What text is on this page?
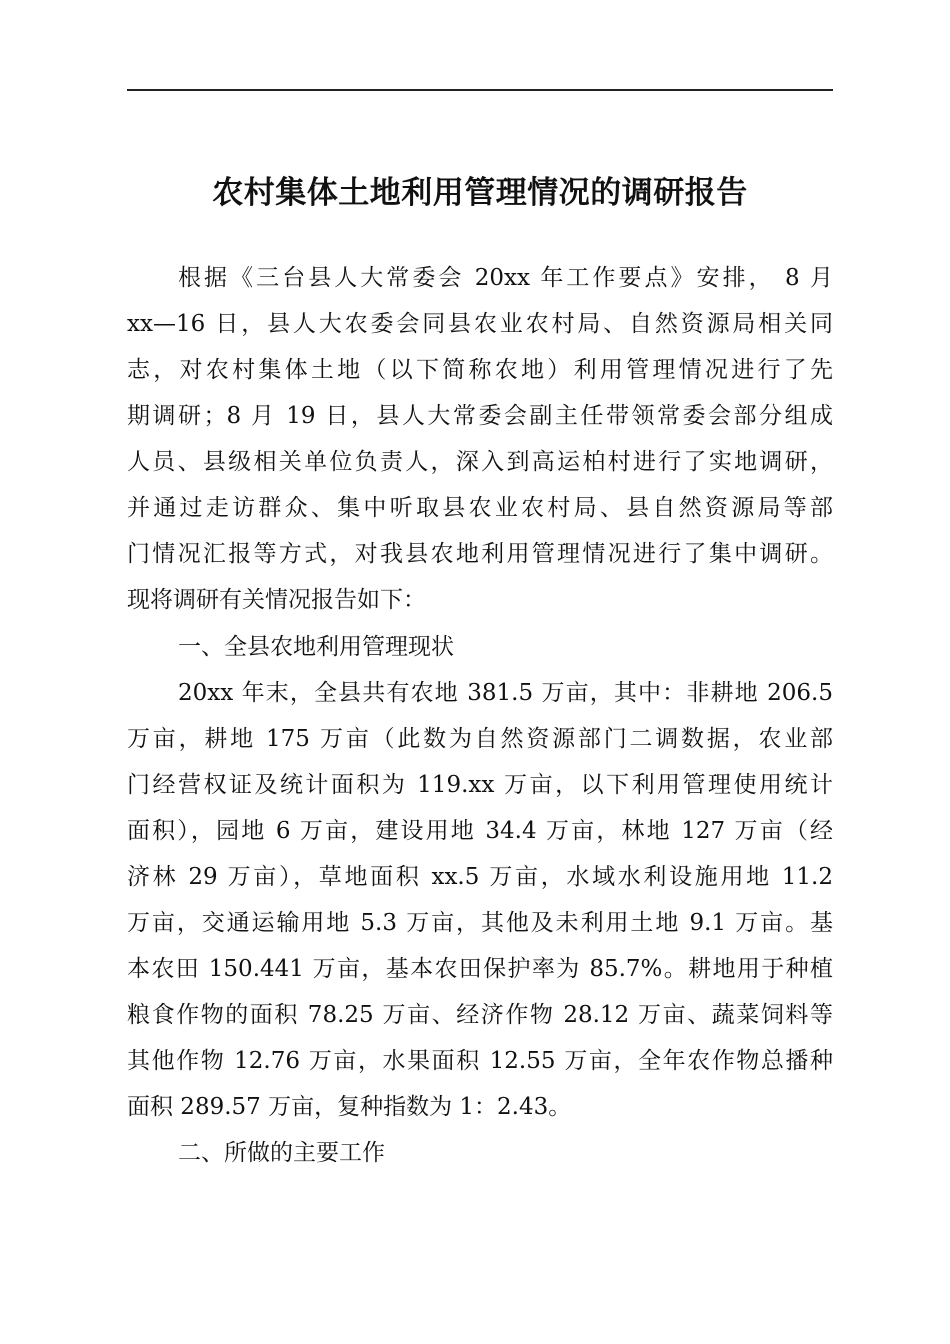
农村集体土地利用管理情况的调研报告
根据《三台县人大常委会 20xx 年工作要点》安排， 8 月
xx—16 日，县人大农委会同县农业农村局、自然资源局相关同
志，对农村集体土地（以下简称农地）利用管理情况进行了先
期调研；8 月 19 日，县人大常委会副主任带领常委会部分组成
人员、县级相关单位负责人，深入到高运柏村进行了实地调研，
并通过走访群众、集中听取县农业农村局、县自然资源局等部
门情况汇报等方式，对我县农地利用管理情况进行了集中调研。
现将调研有关情况报告如下：
一、全县农地利用管理现状
20xx 年末，全县共有农地 381.5 万亩，其中：非耕地 206.5
万亩，耕地 175 万亩（此数为自然资源部门二调数据，农业部
门经营权证及统计面积为 119.xx 万亩，以下利用管理使用统计
面积），园地 6 万亩，建设用地 34.4 万亩，林地 127 万亩（经
济林 29 万亩），草地面积 xx.5 万亩，水域水利设施用地 11.2
万亩，交通运输用地 5.3 万亩，其他及未利用土地 9.1 万亩。基
本农田 150.441 万亩，基本农田保护率为 85.7%。耕地用于种植
粮食作物的面积 78.25 万亩、经济作物 28.12 万亩、蔬菜饲料等
其他作物 12.76 万亩，水果面积 12.55 万亩，全年农作物总播种
面积 289.57 万亩，复种指数为 1：2.43。
二、所做的主要工作
